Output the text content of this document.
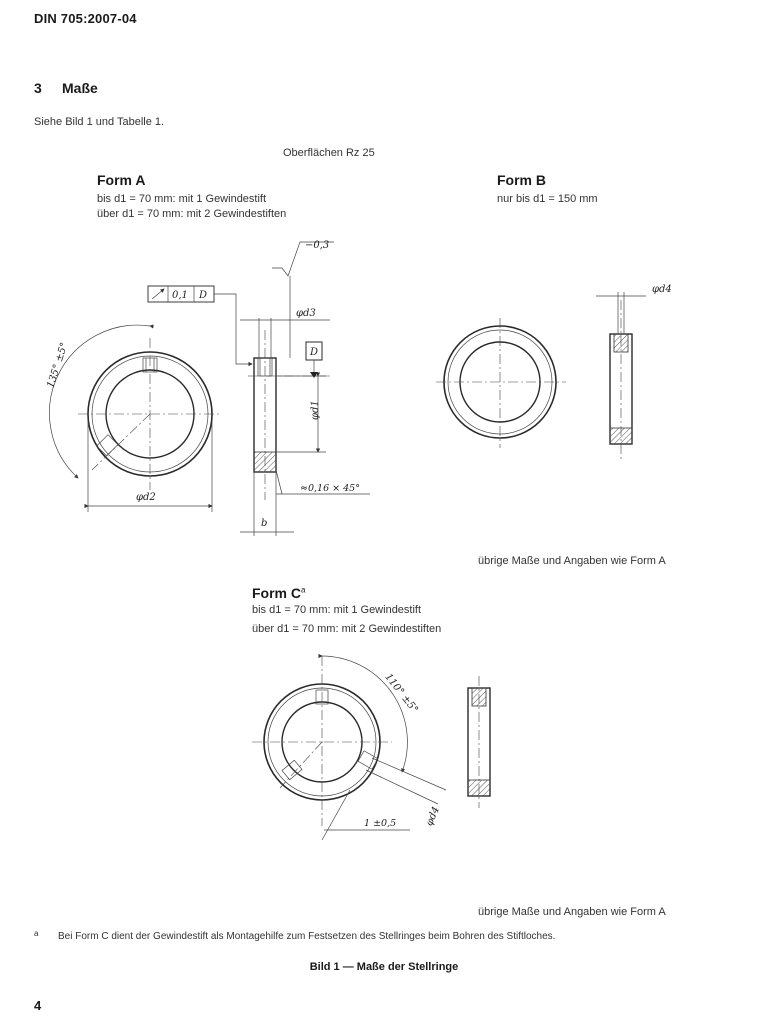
DIN 705:2007-04
3 Maße
Siehe Bild 1 und Tabelle 1.
Oberflächen Rz 25
Form A
bis d1 = 70 mm: mit 1 Gewindestift
über d1 = 70 mm: mit 2 Gewindestiften
Form B
nur bis d1 = 150 mm
Form $C^a$
bis d1 = 70 mm: mit 1 Gewindestift
über d1 = 70 mm: mit 2 Gewindestiften
übrige Maße und Angaben wie Form A
übrige Maße und Angaben wie Form A
a Bei Form C dient der Gewindestift als Montagehilfe zum Festsetzen des Stellringes beim Bohren des Stiftloches.
Bild 1 — Maße der Stellringe
4
135° ±5°
φd2
φd3
φd1
D
≈0,16 × 45°
b
−0,3
0,1 D
φd4
110° ±5°
φd4
1 ±0,5
